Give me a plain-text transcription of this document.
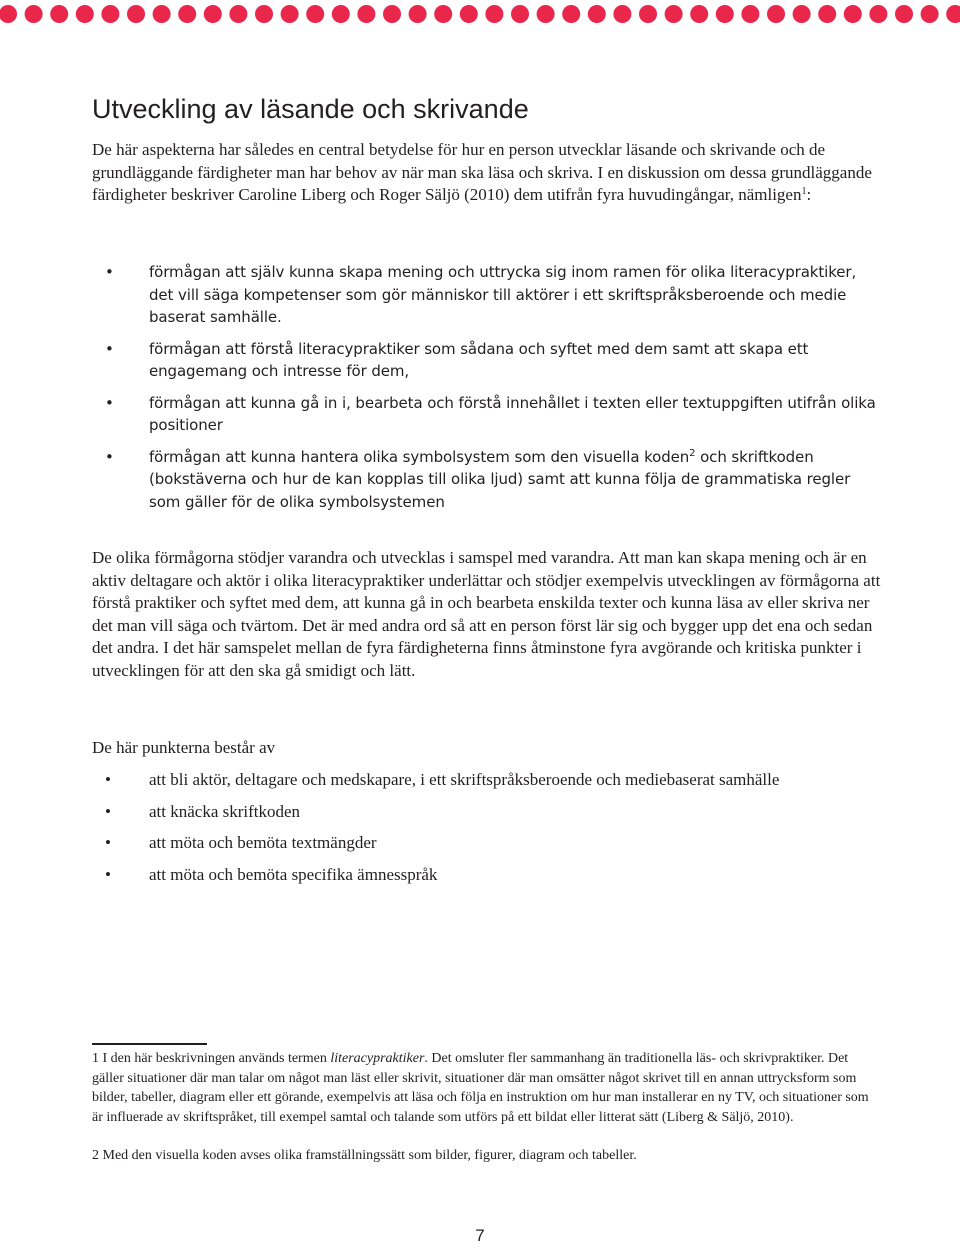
Utveckling av läsande och skrivande

De här aspekterna har således en central betydelse för hur en person utvecklar läsande och skrivande och de grundläggande färdigheter man har behov av när man ska läsa och skriva. I en diskussion om dessa grundläggande färdigheter beskriver Caroline Liberg och Roger Säljö (2010) dem utifrån fyra huvudingångar, nämligen$^1$:

• förmågan att själv kunna skapa mening och uttrycka sig inom ramen för olika literacypraktiker, det vill säga kompetenser som gör människor till aktörer i ett skriftspråksberoende och medie baserat samhälle.
• förmågan att förstå literacypraktiker som sådana och syftet med dem samt att skapa ett engagemang och intresse för dem,
• förmågan att kunna gå in i, bearbeta och förstå innehållet i texten eller textuppgiften utifrån olika positioner
• förmågan att kunna hantera olika symbolsystem som den visuella koden$^2$ och skriftkoden (bokstäverna och hur de kan kopplas till olika ljud) samt att kunna följa de grammatiska regler som gäller för de olika symbolsystemen

De olika förmågorna stödjer varandra och utvecklas i samspel med varandra. Att man kan skapa mening och är en aktiv deltagare och aktör i olika literacypraktiker underlättar och stödjer exempelvis utvecklingen av förmågorna att förstå praktiker och syftet med dem, att kunna gå in och bearbeta enskilda texter och kunna läsa av eller skriva ner det man vill säga och tvärtom. Det är med andra ord så att en person först lär sig och bygger upp det ena och sedan det andra. I det här samspelet mellan de fyra färdigheterna finns åtminstone fyra avgörande och kritiska punkter i utvecklingen för att den ska gå smidigt och lätt.

De här punkterna består av

• att bli aktör, deltagare och medskapare, i ett skriftspråksberoende och mediebaserat samhälle
• att knäcka skriftkoden
• att möta och bemöta textmängder
• att möta och bemöta specifika ämnesspråk

1 I den här beskrivningen används termen literacypraktiker. Det omsluter fler sammanhang än traditionella läs- och skrivpraktiker. Det gäller situationer där man talar om något man läst eller skrivit, situationer där man omsätter något skrivet till en annan uttrycksform som bilder, tabeller, diagram eller ett görande, exempelvis att läsa och följa en instruktion om hur man installerar en ny TV, och situationer som är influerade av skriftspråket, till exempel samtal och talande som utförs på ett bildat eller litterat sätt (Liberg & Säljö, 2010).

2 Med den visuella koden avses olika framställningssätt som bilder, figurer, diagram och tabeller.

7
